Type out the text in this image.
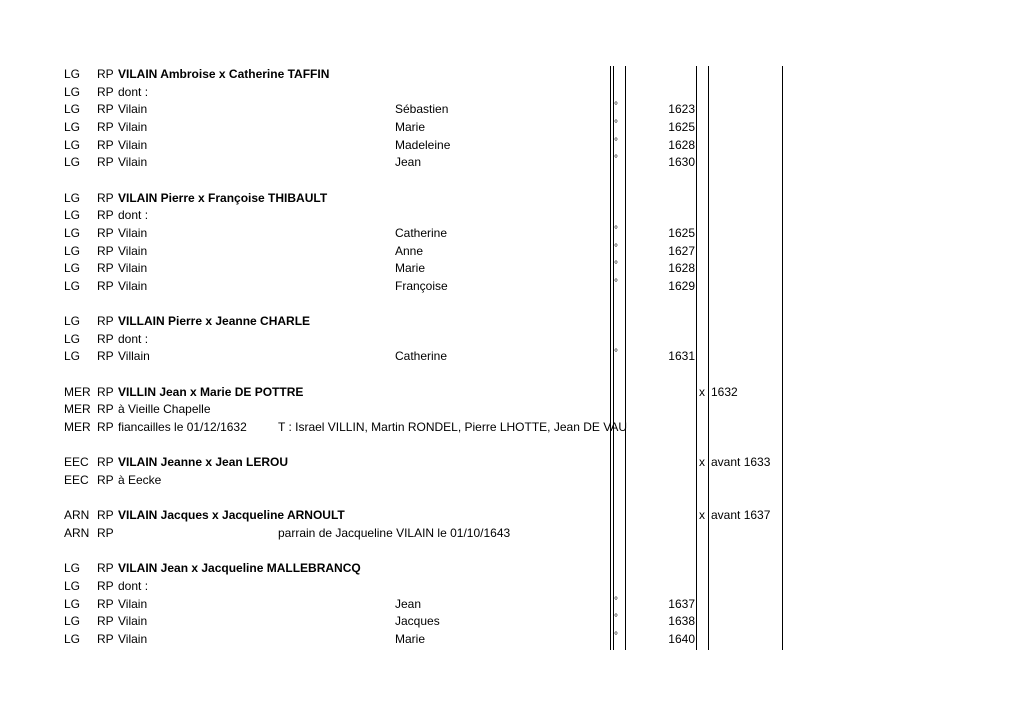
LG RP VILAIN Ambroise x Catherine TAFFIN
LG RP dont :
LG RP Vilain	Sébastien	°	1623
LG RP Vilain	Marie	°	1625
LG RP Vilain	Madeleine	°	1628
LG RP Vilain	Jean	°	1630
LG RP VILAIN Pierre x Françoise THIBAULT
LG RP dont :
LG RP Vilain	Catherine	°	1625
LG RP Vilain	Anne	°	1627
LG RP Vilain	Marie	°	1628
LG RP Vilain	Françoise	°	1629
LG RP VILLAIN Pierre x Jeanne CHARLE
LG RP dont :
LG RP Villain	Catherine	°	1631
MER RP VILLIN Jean x Marie DE POTTRE	x 1632
MER RP à Vieille Chapelle
MER RP fiancailles le 01/12/1632	T : Israel VILLIN, Martin RONDEL, Pierre LHOTTE, Jean DE VAU
EEC RP VILAIN Jeanne x Jean LEROU	x avant 1633
EEC RP à Eecke
ARN RP VILAIN Jacques x Jacqueline ARNOULT	x avant 1637
ARN RP	parrain de Jacqueline VILAIN le 01/10/1643
LG RP VILAIN Jean x Jacqueline MALLEBRANCQ
LG RP dont :
LG RP Vilain	Jean	°	1637
LG RP Vilain	Jacques	°	1638
LG RP Vilain	Marie	°	1640
